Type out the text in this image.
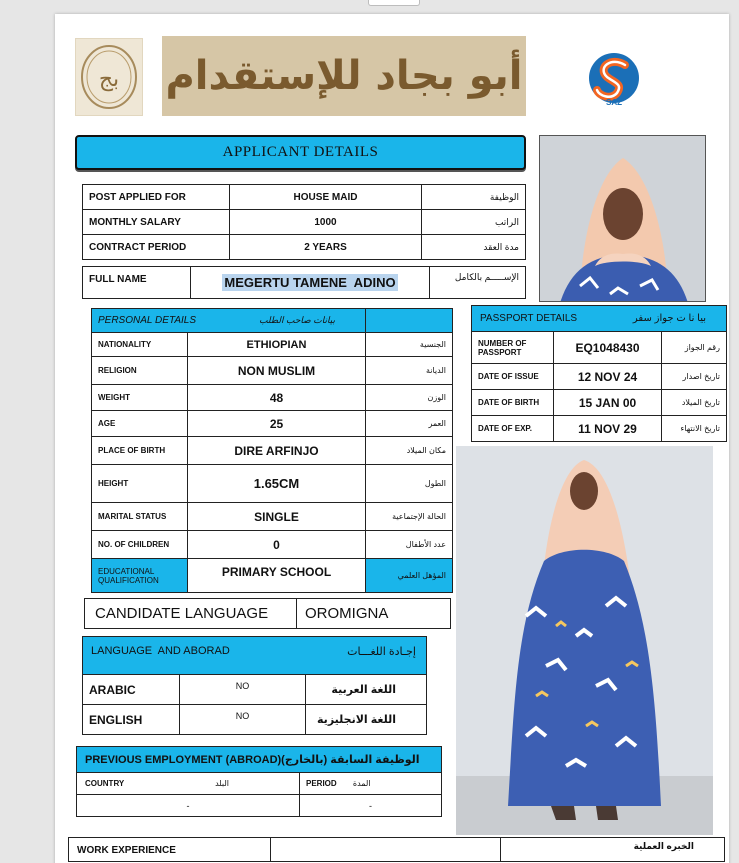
بج أبو بجاد للإستقدام
SAZ
APPLICANT DETAILS
POST APPLIED FOR	HOUSE MAID	الوظيفة
MONTHLY SALARY	1000	الراتب
CONTRACT PERIOD	2 YEARS	مدة العقد
FULL NAME	MEGERTU TAMENE  ADINO	الإســـــم بالكامل
PERSONAL DETAILS بيانات صاحب الطلب		

NATIONALITY	ETHIOPIAN	الجنسية
RELIGION	NON MUSLIM	الديانة
WEIGHT	48	الوزن
AGE	25	العمر
PLACE OF BIRTH	DIRE ARFINJO	مكان الميلاد
HEIGHT	1.65CM	الطول
MARITAL STATUS	SINGLE	الحالة الإجتماعية
NO. OF CHILDREN	0	عدد الأطفال
EDUCATIONAL QUALIFICATION	PRIMARY SCHOOL	المؤهل العلمي
PASSPORT DETAILS بيا نا ت جواز سفر		

NUMBER OF PASSPORT	EQ1048430	رقم الجواز
DATE OF ISSUE	12 NOV 24	تاريخ اصدار
DATE OF BIRTH	15 JAN 00	تاريخ الميلاد
DATE OF EXP.	11 NOV 29	تاريخ الانتهاء
CANDIDATE LANGUAGE	OROMIGNA
LANGUAGE  AND ABORAD إجـادة اللغـــات		

ARABIC	NO	اللغة العربية
ENGLISH	NO	اللغة الانجليزية
PREVIOUS EMPLOYMENT (ABROAD)(الوظيفة السابقة (بالخارج	
COUNTRY البلد	PERIOD المدة
-	-
WORK EXPERIENCE		الخبره العملية
